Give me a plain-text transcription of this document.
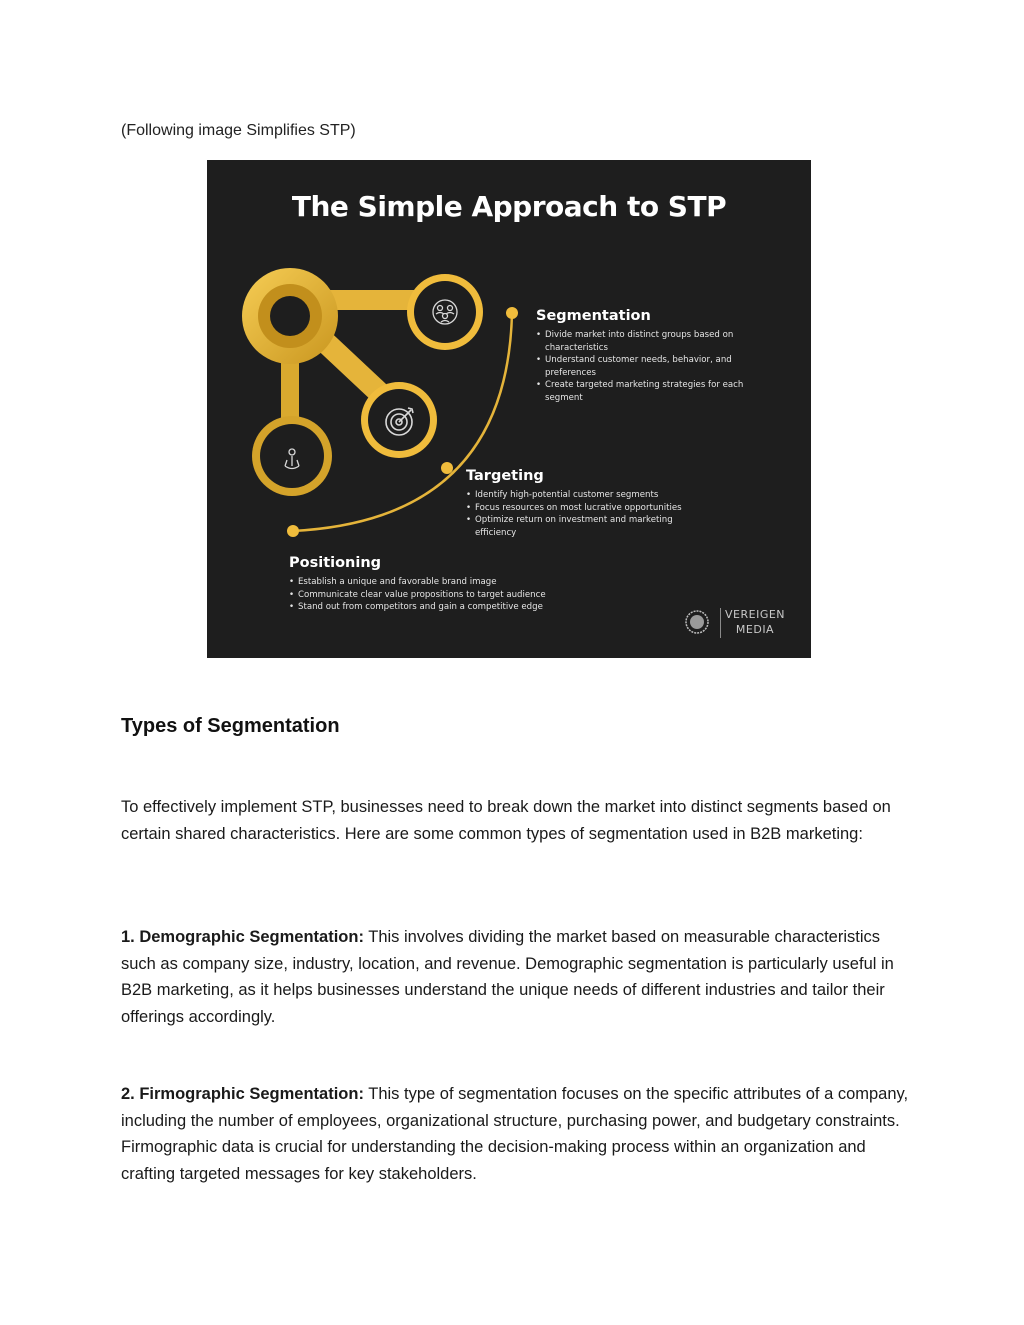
(Following image Simplifies STP)
The Simple Approach to STP
Segmentation
• Divide market into distinct groups based on characteristics
• Understand customer needs, behavior, and preferences
• Create targeted marketing strategies for each segment
Targeting
• Identify high-potential customer segments
• Focus resources on most lucrative opportunities
• Optimize return on investment and marketing efficiency
Positioning
• Establish a unique and favorable brand image
• Communicate clear value propositions to target audience
• Stand out from competitors and gain a competitive edge
VEREIGEN
MEDIA
Types of Segmentation

To effectively implement STP, businesses need to break down the market into distinct segments based on certain shared characteristics. Here are some common types of segmentation used in B2B marketing:

1. Demographic Segmentation: This involves dividing the market based on measurable characteristics such as company size, industry, location, and revenue. Demographic segmentation is particularly useful in B2B marketing, as it helps businesses understand the unique needs of different industries and tailor their offerings accordingly.

2. Firmographic Segmentation: This type of segmentation focuses on the specific attributes of a company, including the number of employees, organizational structure, purchasing power, and budgetary constraints. Firmographic data is crucial for understanding the decision-making process within an organization and crafting targeted messages for key stakeholders.
